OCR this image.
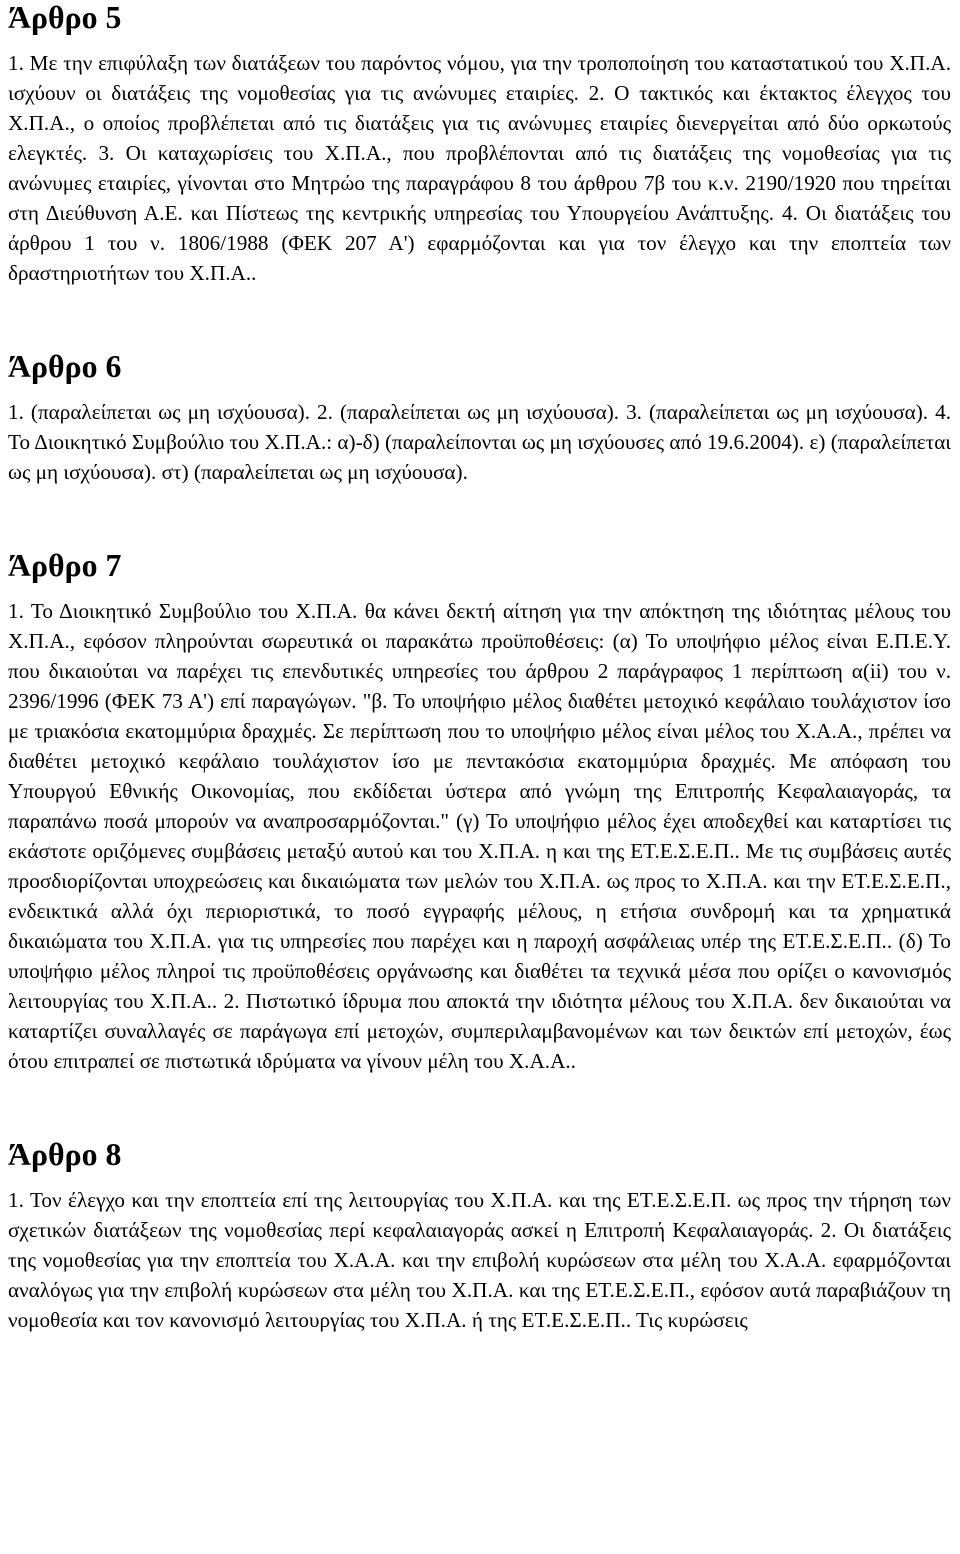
Άρθρο 5

1. Με την επιφύλαξη των διατάξεων του παρόντος νόμου, για την τροποποίηση του καταστατικού του Χ.Π.Α. ισχύουν οι διατάξεις της νομοθεσίας για τις ανώνυμες εταιρίες. 2. Ο τακτικός και έκτακτος έλεγχος του Χ.Π.Α., ο οποίος προβλέπεται από τις διατάξεις για τις ανώνυμες εταιρίες διενεργείται από δύο ορκωτούς ελεγκτές. 3. Οι καταχωρίσεις του Χ.Π.Α., που προβλέπονται από τις διατάξεις της νομοθεσίας για τις ανώνυμες εταιρίες, γίνονται στο Μητρώο της παραγράφου 8 του άρθρου 7β του κ.ν. 2190/1920 που τηρείται στη Διεύθυνση Α.Ε. και Πίστεως της κεντρικής υπηρεσίας του Υπουργείου Ανάπτυξης. 4. Οι διατάξεις του άρθρου 1 του ν. 1806/1988 (ΦΕΚ 207 Α') εφαρμόζονται και για τον έλεγχο και την εποπτεία των δραστηριοτήτων του Χ.Π.Α..

Άρθρο 6

1. (παραλείπεται ως μη ισχύουσα). 2. (παραλείπεται ως μη ισχύουσα). 3. (παραλείπεται ως μη ισχύουσα). 4. Το Διοικητικό Συμβούλιο του Χ.Π.Α.: α)-δ) (παραλείπονται ως μη ισχύουσες από 19.6.2004). ε) (παραλείπεται ως μη ισχύουσα). στ) (παραλείπεται ως μη ισχύουσα).

Άρθρο 7

1. Το Διοικητικό Συμβούλιο του Χ.Π.Α. θα κάνει δεκτή αίτηση για την απόκτηση της ιδιότητας μέλους του Χ.Π.Α., εφόσον πληρούνται σωρευτικά οι παρακάτω προϋποθέσεις: (α) Το υποψήφιο μέλος είναι Ε.Π.Ε.Υ. που δικαιούται να παρέχει τις επενδυτικές υπηρεσίες του άρθρου 2 παράγραφος 1 περίπτωση α(ii) του ν. 2396/1996 (ΦΕΚ 73 Α') επί παραγώγων. "β. Το υποψήφιο μέλος διαθέτει μετοχικό κεφάλαιο τουλάχιστον ίσο με τριακόσια εκατομμύρια δραχμές. Σε περίπτωση που το υποψήφιο μέλος είναι μέλος του Χ.Α.Α., πρέπει να διαθέτει μετοχικό κεφάλαιο τουλάχιστον ίσο με πεντακόσια εκατομμύρια δραχμές. Με απόφαση του Υπουργού Εθνικής Οικονομίας, που εκδίδεται ύστερα από γνώμη της Επιτροπής Κεφαλαιαγοράς, τα παραπάνω ποσά μπορούν να αναπροσαρμόζονται." (γ) Το υποψήφιο μέλος έχει αποδεχθεί και καταρτίσει τις εκάστοτε οριζόμενες συμβάσεις μεταξύ αυτού και του Χ.Π.Α. η και της ΕΤ.Ε.Σ.Ε.Π.. Με τις συμβάσεις αυτές προσδιορίζονται υποχρεώσεις και δικαιώματα των μελών του Χ.Π.Α. ως προς το Χ.Π.Α. και την ΕΤ.Ε.Σ.Ε.Π., ενδεικτικά αλλά όχι περιοριστικά, το ποσό εγγραφής μέλους, η ετήσια συνδρομή και τα χρηματικά δικαιώματα του Χ.Π.Α. για τις υπηρεσίες που παρέχει και η παροχή ασφάλειας υπέρ της ΕΤ.Ε.Σ.Ε.Π.. (δ) Το υποψήφιο μέλος πληροί τις προϋποθέσεις οργάνωσης και διαθέτει τα τεχνικά μέσα που ορίζει ο κανονισμός λειτουργίας του Χ.Π.Α.. 2. Πιστωτικό ίδρυμα που αποκτά την ιδιότητα μέλους του Χ.Π.Α. δεν δικαιούται να καταρτίζει συναλλαγές σε παράγωγα επί μετοχών, συμπεριλαμβανομένων και των δεικτών επί μετοχών, έως ότου επιτραπεί σε πιστωτικά ιδρύματα να γίνουν μέλη του Χ.Α.Α..

Άρθρο 8

1. Τον έλεγχο και την εποπτεία επί της λειτουργίας του Χ.Π.Α. και της ΕΤ.Ε.Σ.Ε.Π. ως προς την τήρηση των σχετικών διατάξεων της νομοθεσίας περί κεφαλαιαγοράς ασκεί η Επιτροπή Κεφαλαιαγοράς. 2. Οι διατάξεις της νομοθεσίας για την εποπτεία του Χ.Α.Α. και την επιβολή κυρώσεων στα μέλη του Χ.Α.Α. εφαρμόζονται αναλόγως για την επιβολή κυρώσεων στα μέλη του Χ.Π.Α. και της ΕΤ.Ε.Σ.Ε.Π., εφόσον αυτά παραβιάζουν τη νομοθεσία και τον κανονισμό λειτουργίας του Χ.Π.Α. ή της ΕΤ.Ε.Σ.Ε.Π.. Τις κυρώσεις
